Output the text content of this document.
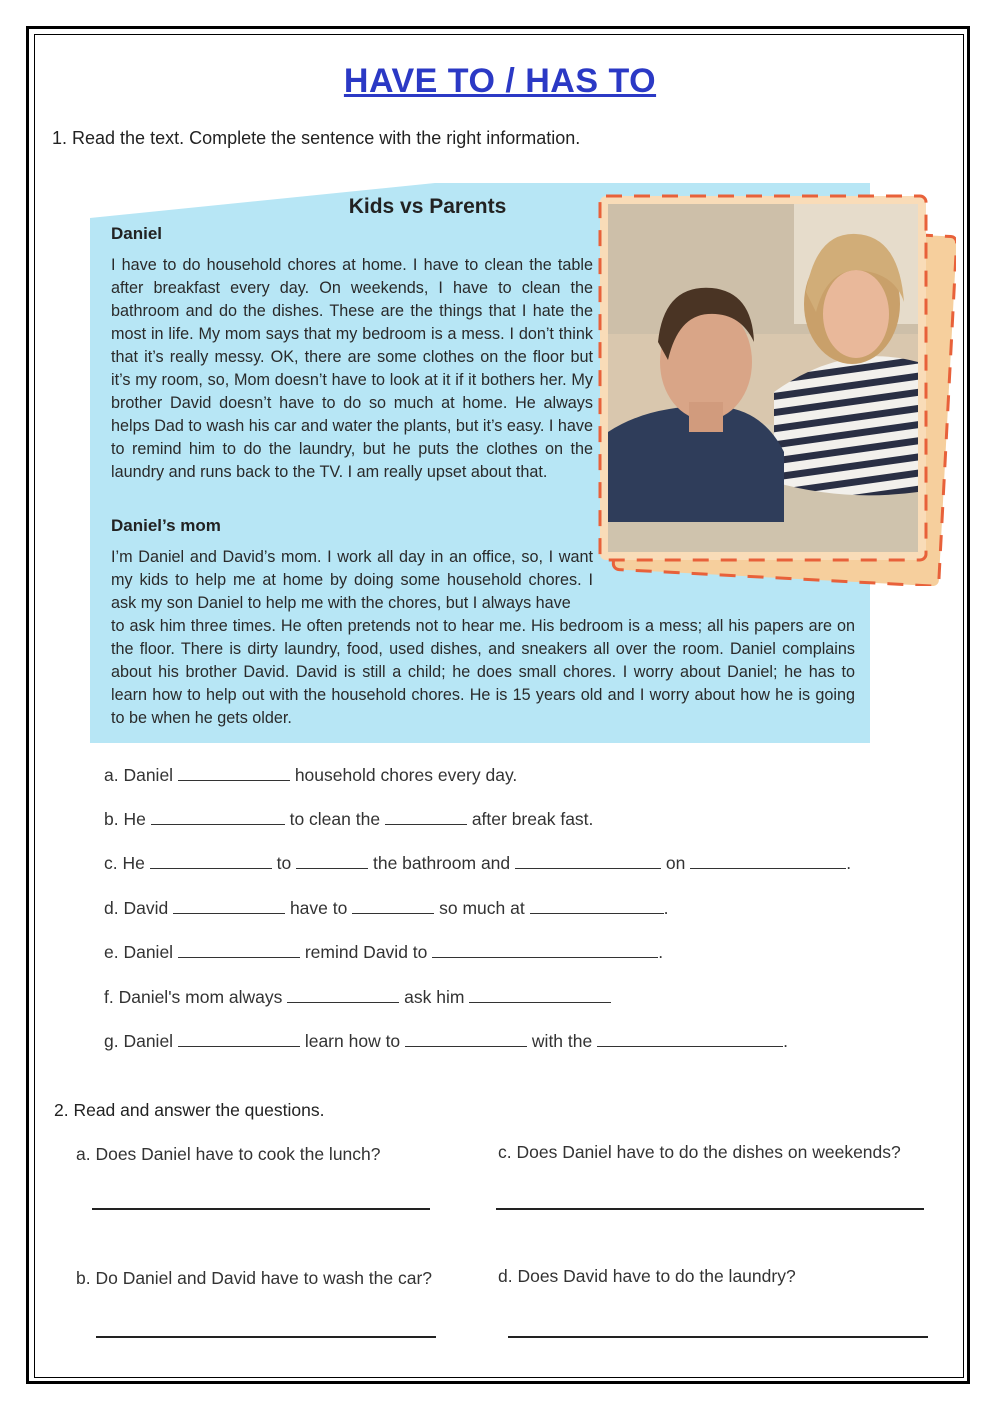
HAVE TO / HAS TO
1. Read the text. Complete the sentence with the right information.
Kids vs Parents
Daniel
I have to do household chores at home. I have to clean the table after breakfast every day. On weekends, I have to clean the bathroom and do the dishes. These are the things that I hate the most in life. My mom says that my bedroom is a mess. I don’t think that it’s really messy. OK, there are some clothes on the floor but it’s my room, so, Mom doesn’t have to look at it if it bothers her. My brother David doesn’t have to do so much at home. He always helps Dad to wash his car and water the plants, but it’s easy. I have to remind him to do the laundry, but he puts the clothes on the laundry and runs back to the TV. I am really upset about that.
Daniel’s mom
I’m Daniel and David’s mom. I work all day in an office, so, I want my kids to help me at home by doing some household chores. I ask my son Daniel to help me with the chores, but I always have
to ask him three times. He often pretends not to hear me. His bedroom is a mess; all his papers are on the floor. There is dirty laundry, food, used dishes, and sneakers all over the room. Daniel complains about his brother David. David is still a child; he does small chores. I worry about Daniel; he has to learn how to help out with the household chores. He is 15 years old and I worry about how he is going to be when he gets older.
a. Daniel	household chores every day.
b. He	to clean the	after break fast.
c. He	to	the bathroom and	on	.
d. David	have to	so much at	.
e. Daniel	remind David to	.
f. Daniel's mom always	ask him
g. Daniel	learn how to	with the	.
2. Read and answer the questions.
a. Does Daniel have to cook the lunch?	c. Does Daniel have to do the dishes on weekends?
b. Do Daniel and David have to wash the car?	d. Does David have to do the laundry?
